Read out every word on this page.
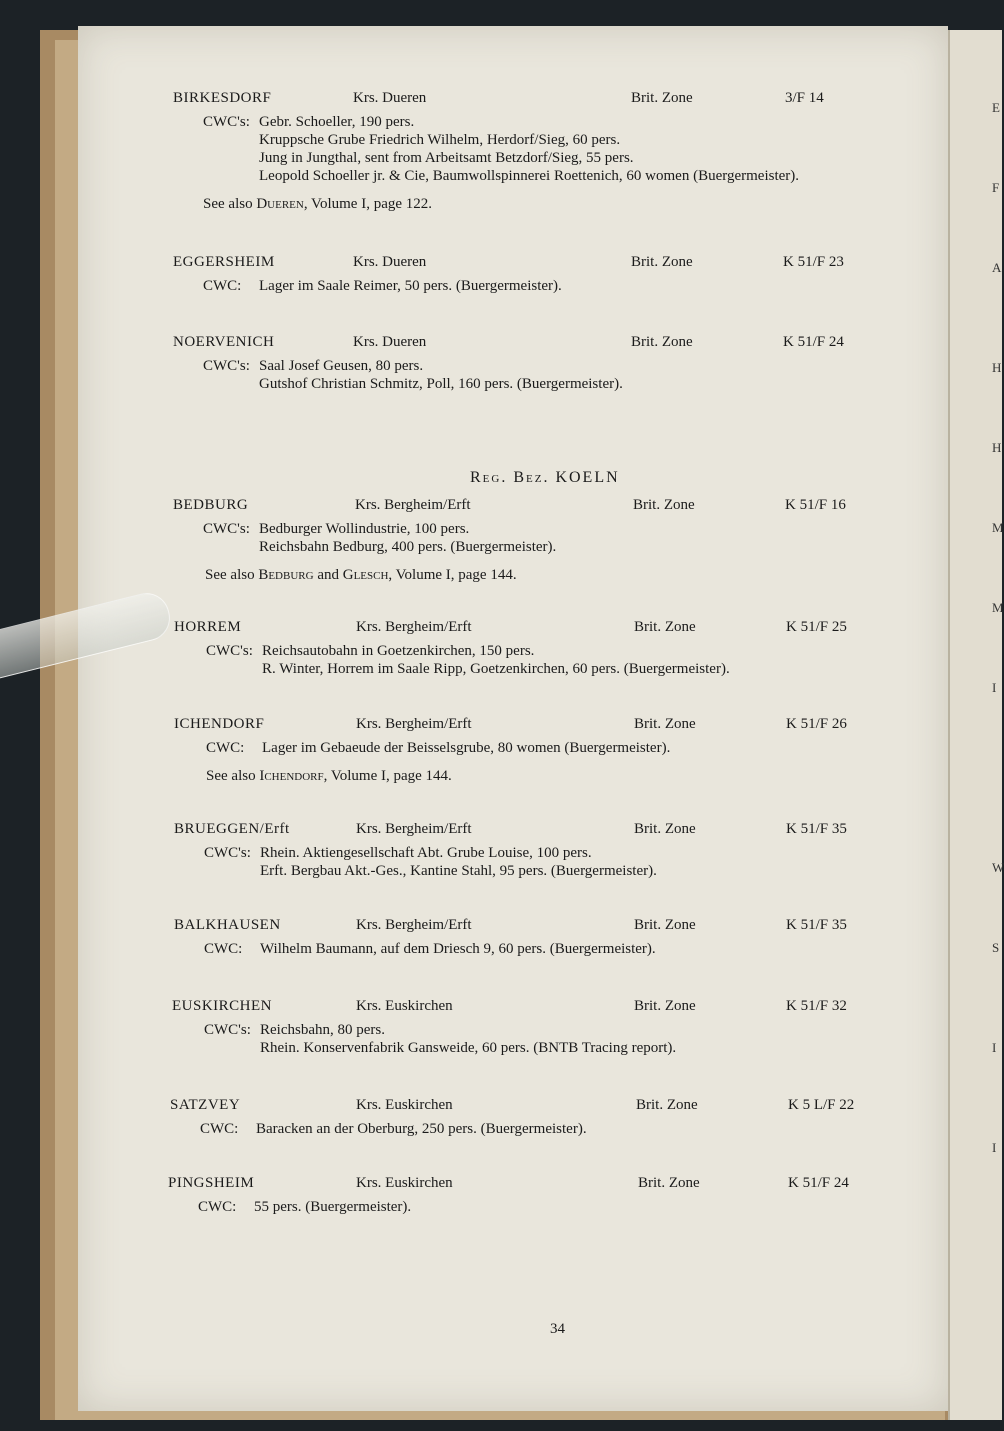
E
F
A
H
H
M
M
I
W
S
I
I
BIRKESDORF	Krs. Dueren	Brit. Zone	3/F 14
CWC's: Gebr. Schoeller, 190 pers.
Kruppsche Grube Friedrich Wilhelm, Herdorf/Sieg, 60 pers.
Jung in Jungthal, sent from Arbeitsamt Betzdorf/Sieg, 55 pers.
Leopold Schoeller jr. & Cie, Baumwollspinnerei Roettenich, 60 women (Buergermeister).
See also Dueren, Volume I, page 122.
EGGERSHEIM	Krs. Dueren	Brit. Zone	K 51/F 23
CWC:	Lager im Saale Reimer, 50 pers. (Buergermeister).
NOERVENICH	Krs. Dueren	Brit. Zone	K 51/F 24
CWC's: Saal Josef Geusen, 80 pers.
Gutshof Christian Schmitz, Poll, 160 pers. (Buergermeister).
Reg. Bez. KOELN
BEDBURG	Krs. Bergheim/Erft	Brit. Zone	K 51/F 16
CWC's: Bedburger Wollindustrie, 100 pers.
Reichsbahn Bedburg, 400 pers. (Buergermeister).
See also Bedburg and Glesch, Volume I, page 144.
HORREM	Krs. Bergheim/Erft	Brit. Zone	K 51/F 25
CWC's: Reichsautobahn in Goetzenkirchen, 150 pers.
R. Winter, Horrem im Saale Ripp, Goetzenkirchen, 60 pers. (Buergermeister).
ICHENDORF	Krs. Bergheim/Erft	Brit. Zone	K 51/F 26
CWC:	Lager im Gebaeude der Beisselsgrube, 80 women (Buergermeister).
See also Ichendorf, Volume I, page 144.
BRUEGGEN/Erft	Krs. Bergheim/Erft	Brit. Zone	K 51/F 35
CWC's: Rhein. Aktiengesellschaft Abt. Grube Louise, 100 pers.
Erft. Bergbau Akt.-Ges., Kantine Stahl, 95 pers. (Buergermeister).
BALKHAUSEN	Krs. Bergheim/Erft	Brit. Zone	K 51/F 35
CWC:	Wilhelm Baumann, auf dem Driesch 9, 60 pers. (Buergermeister).
EUSKIRCHEN	Krs. Euskirchen	Brit. Zone	K 51/F 32
CWC's: Reichsbahn, 80 pers.
Rhein. Konservenfabrik Gansweide, 60 pers. (BNTB Tracing report).
SATZVEY	Krs. Euskirchen	Brit. Zone	K 5 L/F 22
CWC:	Baracken an der Oberburg, 250 pers. (Buergermeister).
PINGSHEIM	Krs. Euskirchen	Brit. Zone	K 51/F 24
CWC:	55 pers. (Buergermeister).
34
